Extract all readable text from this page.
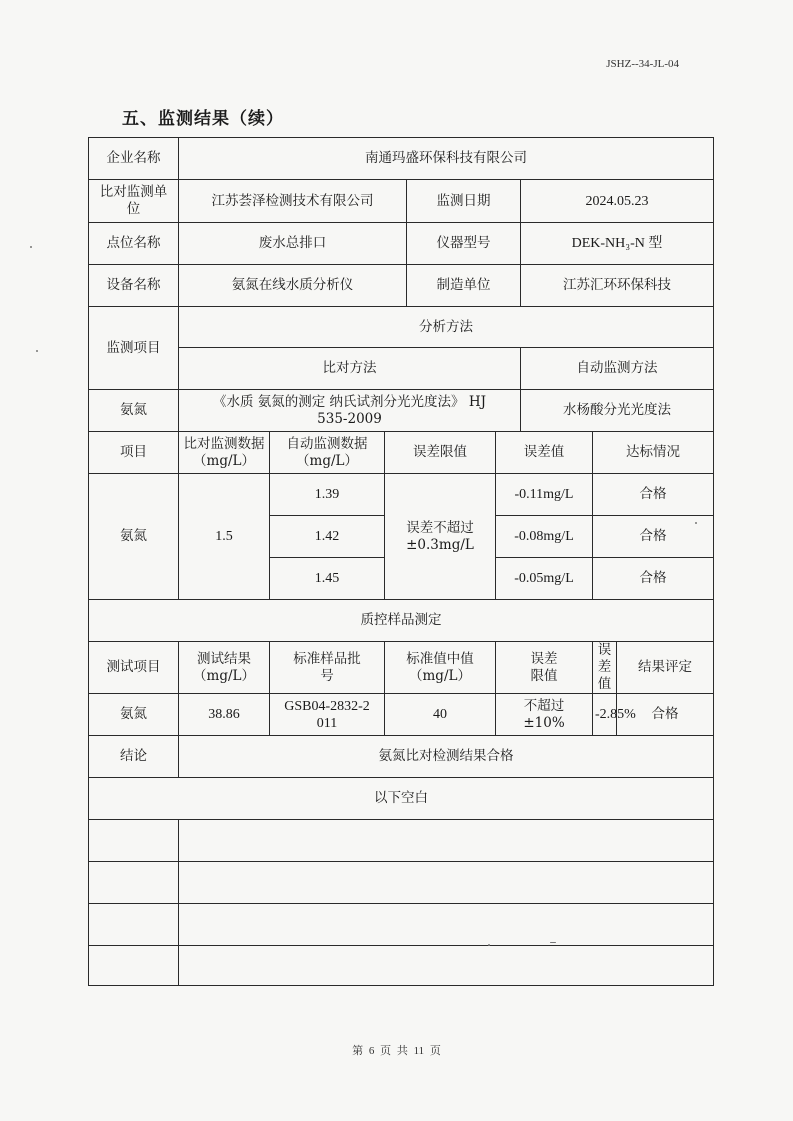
JSHZ--34-JL-04
五、监测结果（续）
企业名称	南通玛盛环保科技有限公司							

比对监测单位	江苏荟泽检测技术有限公司			监测日期		2024.05.23		
点位名称	废水总排口			仪器型号		DEK-NH₃-N 型		
设备名称	氨氮在线水质分析仪			制造单位		江苏汇环环保科技		
监测项目	分析方法							
	比对方法					自动监测方法		
氨氮	《水质 氨氮的测定 纳氏试剂分光光度法》 HJ 535-2009					水杨酸分光光度法		
项目	比对监测数据（mg/L）	自动监测数据（mg/L）	误差限值		误差值		达标情况	
氨氮	1.5	1.39	误差不超过±0.3mg/L		-0.11mg/L		合格	
		1.42			-0.08mg/L		合格	
		1.45			-0.05mg/L		合格	
质控样品测定								
测试项目	测试结果（mg/L）	标准样品批号	标准值中值（mg/L）		误差限值		误差值	结果评定
氨氮	38.86	GSB04-2832-2011	40		不超过±10%		-2.85%	合格
结论	氨氮比对检测结果合格							
以下空白								

第 6 页 共 11 页
